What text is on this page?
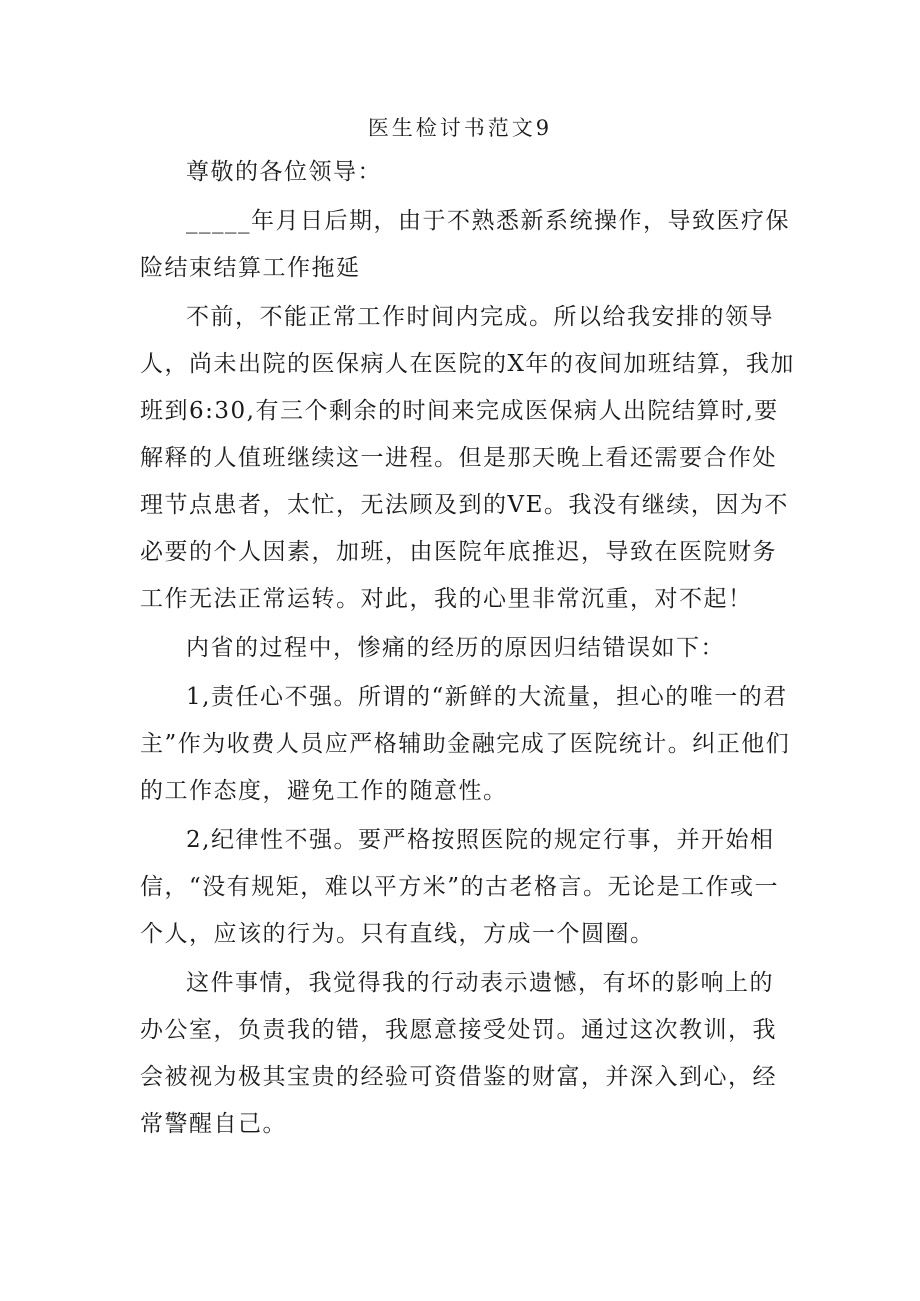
医生检讨书范文9

尊敬的各位领导：

_____年月日后期，由于不熟悉新系统操作，导致医疗保险结束结算工作拖延

不前，不能正常工作时间内完成。所以给我安排的领导人，尚未出院的医保病人在医院的X年的夜间加班结算，我加班到6:30,有三个剩余的时间来完成医保病人出院结算时,要解释的人值班继续这一进程。但是那天晚上看还需要合作处理节点患者，太忙，无法顾及到的VE。我没有继续，因为不必要的个人因素，加班，由医院年底推迟，导致在医院财务工作无法正常运转。对此，我的心里非常沉重，对不起！

内省的过程中，惨痛的经历的原因归结错误如下：

1,责任心不强。所谓的“新鲜的大流量，担心的唯一的君主”作为收费人员应严格辅助金融完成了医院统计。纠正他们的工作态度，避免工作的随意性。

2,纪律性不强。要严格按照医院的规定行事，并开始相信，“没有规矩，难以平方米”的古老格言。无论是工作或一个人，应该的行为。只有直线，方成一个圆圈。

这件事情，我觉得我的行动表示遗憾，有坏的影响上的办公室，负责我的错，我愿意接受处罚。通过这次教训，我会被视为极其宝贵的经验可资借鉴的财富，并深入到心，经常警醒自己。
